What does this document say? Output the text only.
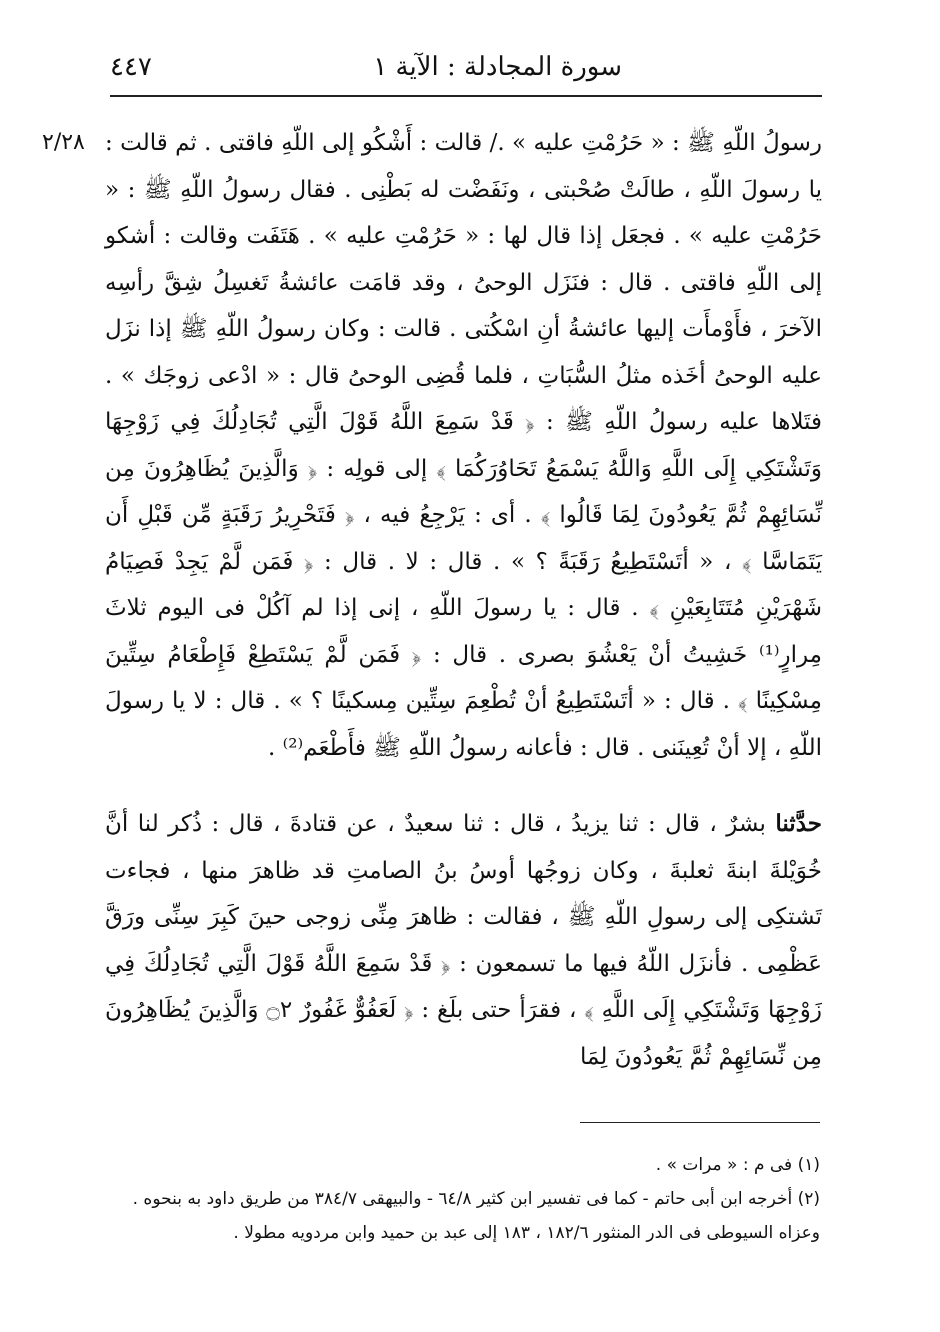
سورة المجادلة : الآية ١
٤٤٧
٢/٢٨ رسولُ اللّهِ ﷺ : « حَرُمْتِ عليه » ./ قالت : أَشْكُو إلى اللّهِ فاقتى . ثم قالت : يا رسولَ اللّهِ ، طالَتْ صُحْبتى ، ونَفَضْت له بَطْنِى . فقال رسولُ اللّهِ ﷺ : « حَرُمْتِ عليه » . فجعَل إذا قال لها : « حَرُمْتِ عليه » . هَتَفَت وقالت : أشكو إلى اللّهِ فاقتى . قال : فنَزَل الوحىُ ، وقد قامَت عائشةُ تَغسِلُ شِقَّ رأسِه الآخرَ ، فأَوْمأَت إليها عائشةُ أنِ اسْكُتى . قالت : وكان رسولُ اللّهِ ﷺ إذا نزَل عليه الوحىُ أخَذه مثلُ السُّبَاتِ ، فلما قُضِى الوحىُ قال : « ادْعى زوجَك » . فتَلاها عليه رسولُ اللّهِ ﷺ : ﴿ قَدْ سَمِعَ اللَّهُ قَوْلَ الَّتِي تُجَادِلُكَ فِي زَوْجِهَا وَتَشْتَكِي إِلَى اللَّهِ وَاللَّهُ يَسْمَعُ تَحَاوُرَكُمَا ﴾ إلى قولِه : ﴿ وَالَّذِينَ يُظَاهِرُونَ مِن نِّسَائِهِمْ ثُمَّ يَعُودُونَ لِمَا قَالُوا ﴾ . أى : يَرْجِعُ فيه ، ﴿ فَتَحْرِيرُ رَقَبَةٍ مِّن قَبْلِ أَن يَتَمَاسَّا ﴾ ، « أتَسْتَطِيعُ رَقَبَةً ؟ » . قال : لا . قال : ﴿ فَمَن لَّمْ يَجِدْ فَصِيَامُ شَهْرَيْنِ مُتَتَابِعَيْنِ ﴾ . قال : يا رسولَ اللّهِ ، إنى إذا لم آكُلْ فى اليوم ثلاثَ مِرارٍ⁽¹⁾ خَشِيتُ أنْ يَعْشُوَ بصرى . قال : ﴿ فَمَن لَّمْ يَسْتَطِعْ فَإِطْعَامُ سِتِّينَ مِسْكِينًا ﴾ . قال : « أتَسْتَطِيعُ أنْ تُطْعِمَ سِتِّين مِسكينًا ؟ » . قال : لا يا رسولَ اللّهِ ، إلا أنْ تُعِينَنى . قال : فأعانه رسولُ اللّهِ ﷺ فأَطْعَم⁽²⁾ .

حدَّثنا بشرٌ ، قال : ثنا يزيدُ ، قال : ثنا سعيدٌ ، عن قتادةَ ، قال : ذُكر لنا أنَّ خُوَيْلةَ ابنةَ ثعلبةَ ، وكان زوجُها أوسُ بنُ الصامتِ قد ظاهرَ منها ، فجاءت تَشتكِى إلى رسولِ اللّهِ ﷺ ، فقالت : ظاهرَ مِنِّى زوجى حينَ كَبِرَ سِنِّى ورَقَّ عَظْمِى . فأنزَل اللّهُ فيها ما تسمعون : ﴿ قَدْ سَمِعَ اللَّهُ قَوْلَ الَّتِي تُجَادِلُكَ فِي زَوْجِهَا وَتَشْتَكِي إِلَى اللَّهِ ﴾ ، فقرَأ حتى بلَغ : ﴿ لَعَفُوٌّ غَفُورٌ ۝٢ وَالَّذِينَ يُظَاهِرُونَ مِن نِّسَائِهِمْ ثُمَّ يَعُودُونَ لِمَا

(١) فى م : « مرات » .

(٢) أخرجه ابن أبى حاتم - كما فى تفسير ابن كثير ٦٤/٨ - والبيهقى ٣٨٤/٧ من طريق داود به بنحوه . وعزاه السيوطى فى الدر المنثور ١٨٢/٦ ، ١٨٣ إلى عبد بن حميد وابن مردويه مطولا .
